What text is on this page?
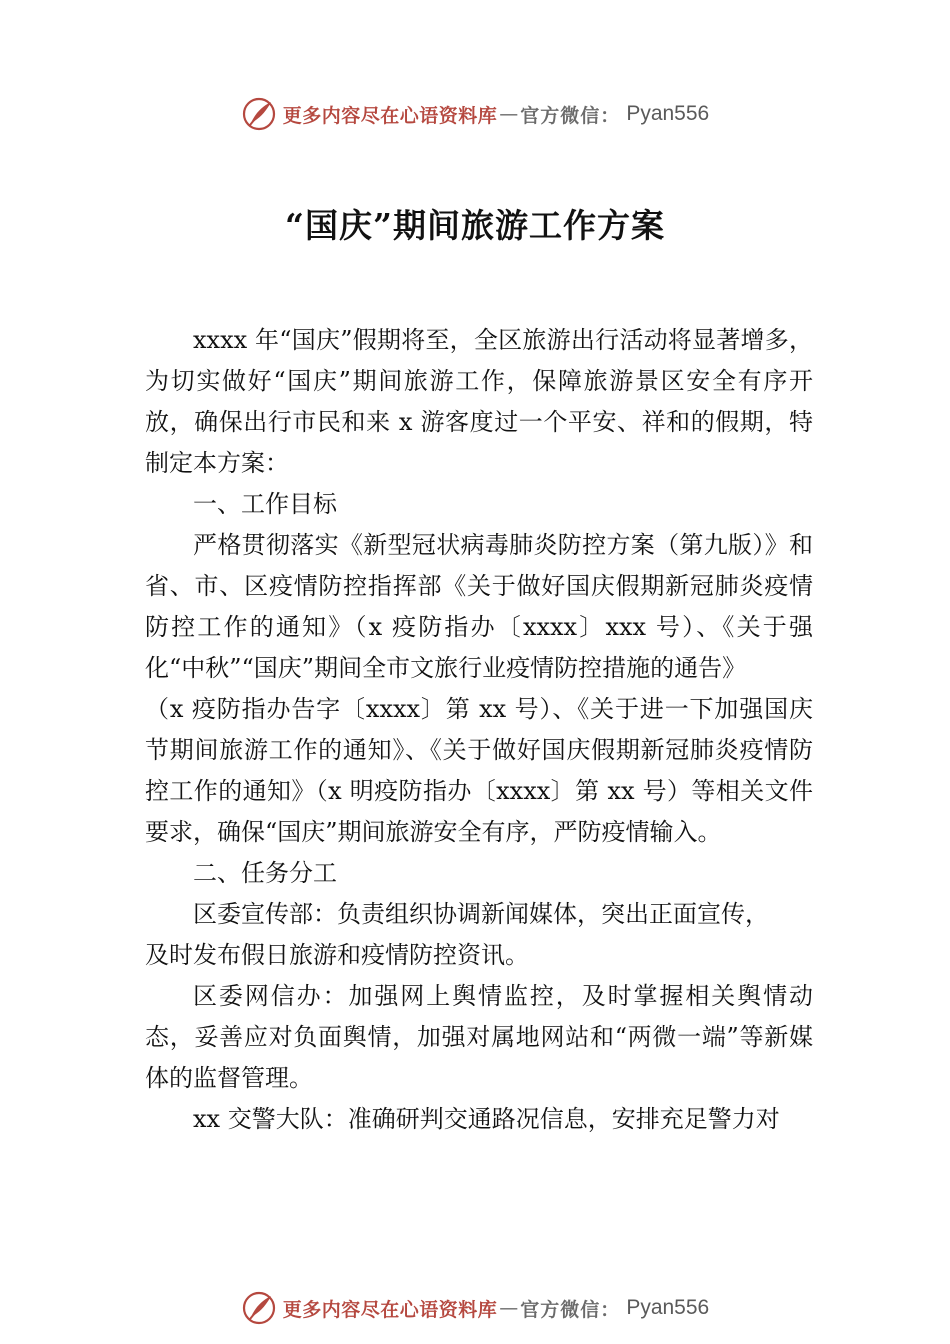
更多内容尽在心语资料库 — 官方微信： Pyan556
“国庆”期间旅游工作方案

xxxx 年“国庆”假期将至，全区旅游出行活动将显著增多，为切实做好“国庆”期间旅游工作，保障旅游景区安全有序开放，确保出行市民和来 x 游客度过一个平安、祥和的假期，特制定本方案：

一、工作目标

严格贯彻落实《新型冠状病毒肺炎防控方案（第九版）》和省、市、区疫情防控指挥部《关于做好国庆假期新冠肺炎疫情防控工作的通知》（x 疫防指办〔xxxx〕xxx 号）、《关于强化“中秋”“国庆”期间全市文旅行业疫情防控措施的通告》

（x 疫防指办告字〔xxxx〕第 xx 号）、《关于进一下加强国庆节期间旅游工作的通知》、《关于做好国庆假期新冠肺炎疫情防控工作的通知》（x 明疫防指办〔xxxx〕第 xx 号）等相关文件要求，确保“国庆”期间旅游安全有序，严防疫情输入。

二、任务分工

区委宣传部：负责组织协调新闻媒体，突出正面宣传，

及时发布假日旅游和疫情防控资讯。

区委网信办：加强网上舆情监控，及时掌握相关舆情动态，妥善应对负面舆情，加强对属地网站和“两微一端”等新媒体的监督管理。

xx 交警大队：准确研判交通路况信息，安排充足警力对

更多内容尽在心语资料库 — 官方微信： Pyan556
